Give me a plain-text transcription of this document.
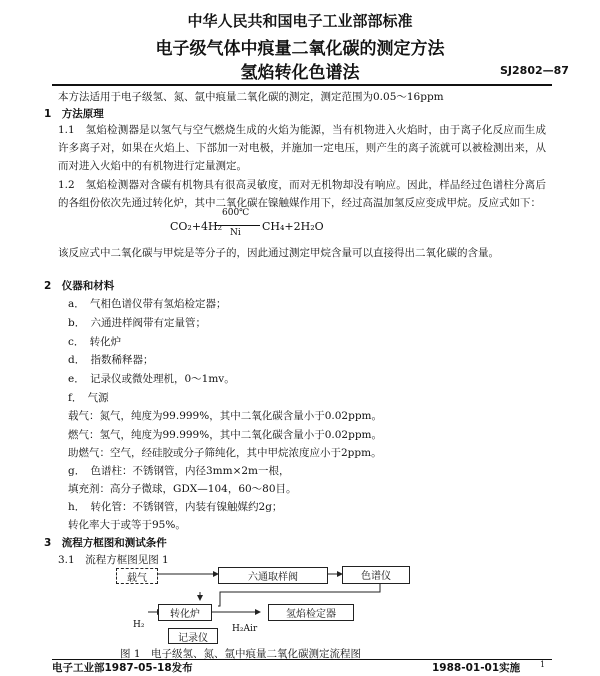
中华人民共和国电子工业部部标准
电子级气体中痕量二氧化碳的测定方法
氢焰转化色谱法	SJ2802—87
本方法适用于电子级氢、氮、氩中痕量二氧化碳的测定，测定范围为0.05～16ppm
1　方法原理
1.1　氢焰检测器是以氢气与空气燃烧生成的火焰为能源，当有机物进入火焰时，由于离子化反应而生成许多离子对，如果在火焰上、下部加一对电极，并施加一定电压，则产生的离子流就可以被检测出来，从而对进入火焰中的有机物进行定量测定。
1.2　氢焰检测器对含碳有机物具有很高灵敏度，而对无机物却没有响应。因此，样品经过色谱柱分离后的各组份依次先通过转化炉，其中二氧化碳在镍触媒作用下，经过高温加氢反应变成甲烷。反应式如下：
CO₂+4H₂
600℃
Ni CH₄+2H₂O
该反应式中二氧化碳与甲烷是等分子的，因此通过测定甲烷含量可以直接得出二氧化碳的含量。
2　仪器和材料
a．　气相色谱仪带有氢焰检定器；
b．　六通进样阀带有定量管；
c．　转化炉
d．　指数稀释器；
e．　记录仪或微处理机，0～1mv。
f．　气源
载气：氮气，纯度为99.999%，其中二氧化碳含量小于0.02ppm。
燃气：氢气，纯度为99.999%，其中二氧化碳含量小于0.02ppm。
助燃气：空气，经硅胶或分子筛纯化，其中甲烷浓度应小于2ppm。
g．　色谱柱：不锈钢管，内径3mm×2m一根，
填充剂：高分子微球，GDX—104，60～80目。
h．　转化管：不锈钢管，内装有镍触媒约2g；
转化率大于或等于95%。
3　流程方框图和测试条件
3.1　流程方框图见图 1
载气	六通取样阀	色谱仪
转化炉	氢焰检定器
H₂	H₂Air
记录仪
图 1　电子级氢、氮、氩中痕量二氧化碳测定流程图
电子工业部1987-05-18发布	1988-01-01实施 1
